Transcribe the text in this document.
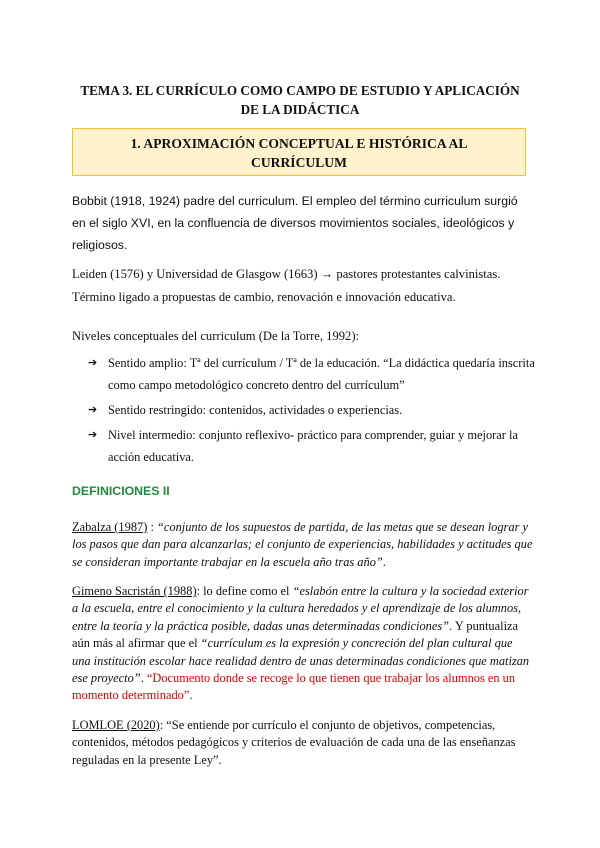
TEMA 3. EL CURRÍCULO COMO CAMPO DE ESTUDIO Y APLICACIÓN
DE LA DIDÁCTICA
1. APROXIMACIÓN CONCEPTUAL E HISTÓRICA AL
CURRÍCULUM
Bobbit (1918, 1924) padre del curriculum. El empleo del término curriculum surgió en el siglo XVI, en la confluencia de diversos movimientos sociales, ideológicos y religiosos.
Leiden (1576) y Universidad de Glasgow (1663) → pastores protestantes calvinistas.
Término ligado a propuestas de cambio, renovación e innovación educativa.
Niveles conceptuales del curriculum (De la Torre, 1992):
➔ Sentido amplio: Tª del currículum / Tª de la educación. “La didáctica quedaría inscrita como campo metodológico concreto dentro del currículum”
➔ Sentido restringido: contenidos, actividades o experiencias.
➔ Nivel intermedio: conjunto reflexivo- práctico para comprender, guiar y mejorar la acción educativa.
DEFINICIONES II
Zabalza (1987) : “conjunto de los supuestos de partida, de las metas que se desean lograr y los pasos que dan para alcanzarlas; el conjunto de experiencias, habilidades y actitudes que se consideran importante trabajar en la escuela año tras año”.
Gimeno Sacristán (1988): lo define como el “eslabón entre la cultura y la sociedad exterior a la escuela, entre el conocimiento y la cultura heredados y el aprendizaje de los alumnos, entre la teoría y la práctica posible, dadas unas determinadas condiciones”. Y puntualiza aún más al afirmar que el “currículum es la expresión y concreción del plan cultural que una institución escolar hace realidad dentro de unas determinadas condiciones que matizan ese proyecto”. “Documento donde se recoge lo que tienen que trabajar los alumnos en un momento determinado”.
LOMLOE (2020): “Se entiende por currículo el conjunto de objetivos, competencias, contenidos, métodos pedagógicos y criterios de evaluación de cada una de las enseñanzas reguladas en la presente Ley”.
